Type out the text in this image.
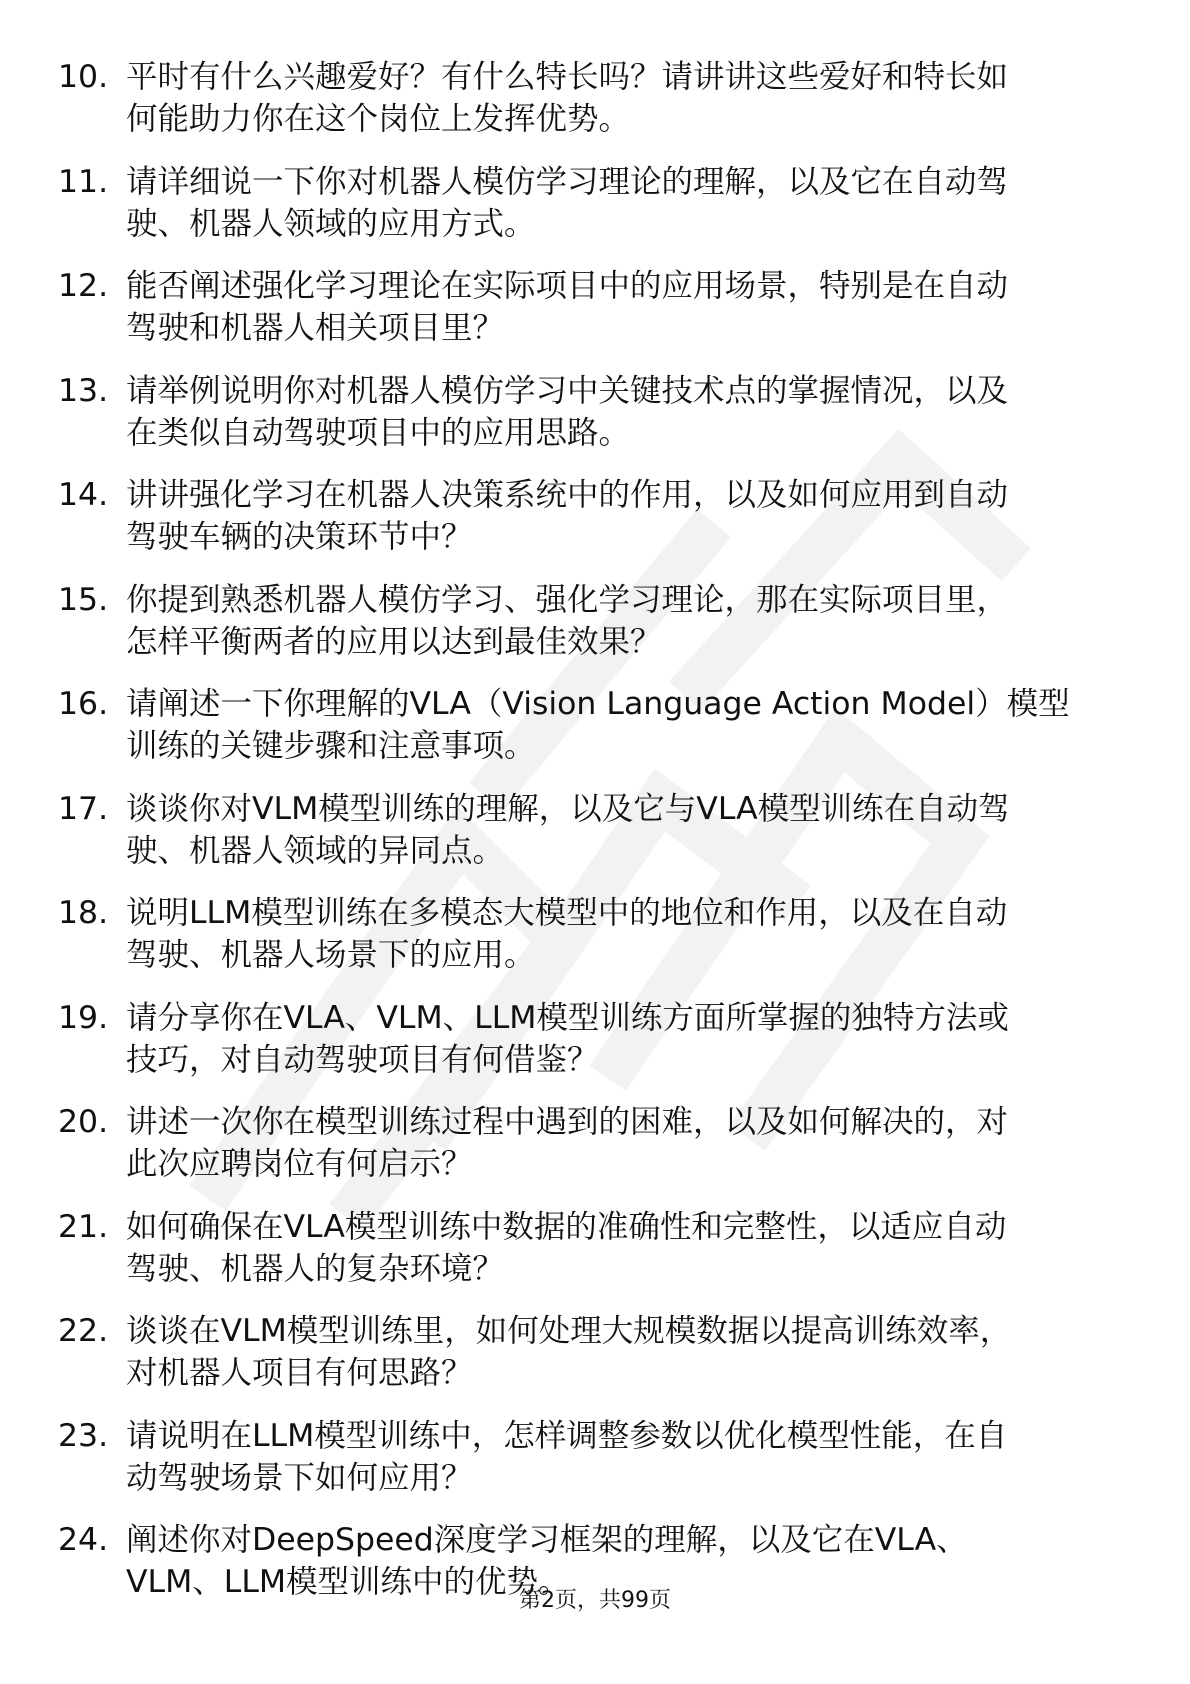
10. 平时有什么兴趣爱好？有什么特长吗？请讲讲这些爱好和特长如
何能助力你在这个岗位上发挥优势。
11. 请详细说一下你对机器人模仿学习理论的理解，以及它在自动驾
驶、机器人领域的应用方式。
12. 能否阐述强化学习理论在实际项目中的应用场景，特别是在自动
驾驶和机器人相关项目里？
13. 请举例说明你对机器人模仿学习中关键技术点的掌握情况，以及
在类似自动驾驶项目中的应用思路。
14. 讲讲强化学习在机器人决策系统中的作用，以及如何应用到自动
驾驶车辆的决策环节中？
15. 你提到熟悉机器人模仿学习、强化学习理论，那在实际项目里，
怎样平衡两者的应用以达到最佳效果？
16. 请阐述一下你理解的VLA（Vision Language Action Model）模型
训练的关键步骤和注意事项。
17. 谈谈你对VLM模型训练的理解，以及它与VLA模型训练在自动驾
驶、机器人领域的异同点。
18. 说明LLM模型训练在多模态大模型中的地位和作用，以及在自动
驾驶、机器人场景下的应用。
19. 请分享你在VLA、VLM、LLM模型训练方面所掌握的独特方法或
技巧，对自动驾驶项目有何借鉴？
20. 讲述一次你在模型训练过程中遇到的困难，以及如何解决的，对
此次应聘岗位有何启示？
21. 如何确保在VLA模型训练中数据的准确性和完整性，以适应自动
驾驶、机器人的复杂环境？
22. 谈谈在VLM模型训练里，如何处理大规模数据以提高训练效率，
对机器人项目有何思路？
23. 请说明在LLM模型训练中，怎样调整参数以优化模型性能，在自
动驾驶场景下如何应用？
24. 阐述你对DeepSpeed深度学习框架的理解，以及它在VLA、
VLM、LLM模型训练中的优势。
第2页，共99页
